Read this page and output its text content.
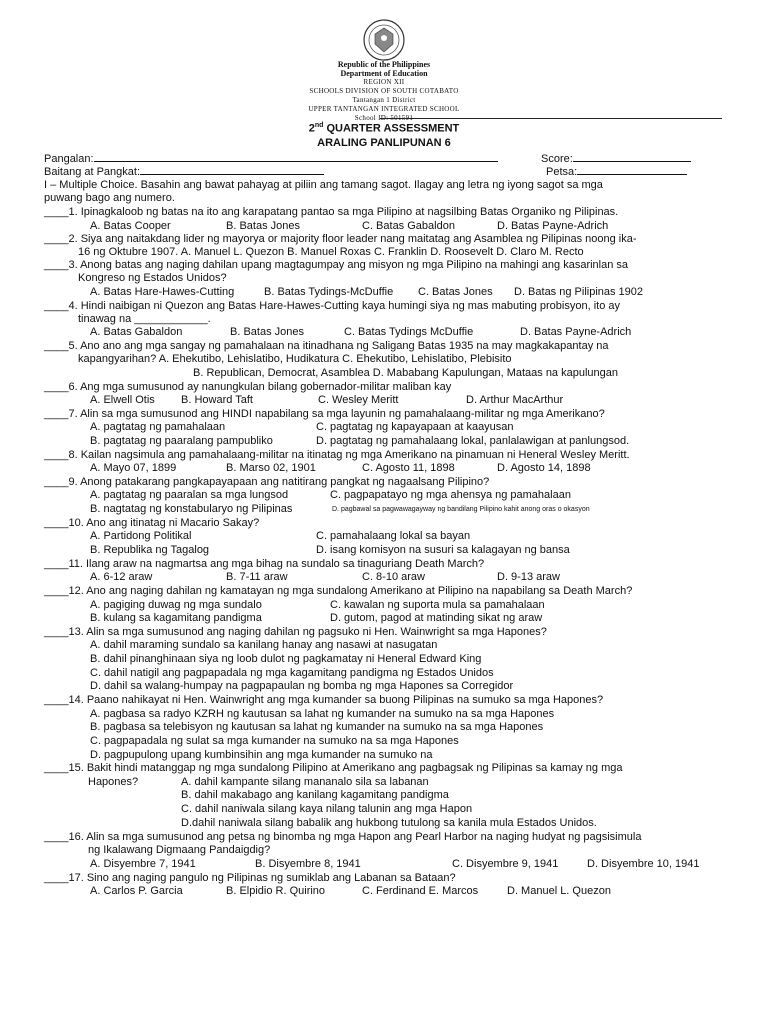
Republic of the Philippines
Department of Education
REGION XII
SCHOOLS DIVISION OF SOUTH COTABATO
Tantangan 1 District
UPPER TANTANGAN INTEGRATED SCHOOL
School ID: 501591
2nd QUARTER ASSESSMENT
ARALING PANLIPUNAN 6
Pangalan:	Score:
Baitang at Pangkat:	Petsa:
I – Multiple Choice. Basahin ang bawat pahayag at piliin ang tamang sagot. Ilagay ang letra ng iyong sagot sa mga
puwang bago ang numero.
____1. Ipinagkaloob ng batas na ito ang karapatang pantao sa mga Pilipino at nagsilbing Batas Organiko ng Pilipinas.
A. Batas Cooper	B. Batas Jones	C. Batas Gabaldon	D. Batas Payne-Adrich
____2. Siya ang naitakdang lider ng mayorya or majority floor leader nang maitatag ang Asamblea ng Pilipinas noong ika-
16 ng Oktubre 1907. A. Manuel L. Quezon B. Manuel Roxas C. Franklin D. Roosevelt D. Claro M. Recto
____3. Anong batas ang naging dahilan upang magtagumpay ang misyon ng mga Pilipino na mahingi ang kasarinlan sa
Kongreso ng Estados Unidos?
A. Batas Hare-Hawes-Cutting	B. Batas Tydings-McDuffie C. Batas Jones D. Batas ng Pilipinas 1902
____4. Hindi naibigan ni Quezon ang Batas Hare-Hawes-Cutting kaya humingi siya ng mas mabuting probisyon, ito ay
tinawag na ____________.
A. Batas Gabaldon	B. Batas Jones	C. Batas Tydings McDuffie	D. Batas Payne-Adrich
____5. Ano ano ang mga sangay ng pamahalaan na itinadhana ng Saligang Batas 1935 na may magkakapantay na
kapangyarihan? A. Ehekutibo, Lehislatibo, Hudikatura C. Ehekutibo, Lehislatibo, Plebisito
B. Republican, Democrat, Asamblea D. Mababang Kapulungan, Mataas na kapulungan
____6. Ang mga sumusunod ay nanungkulan bilang gobernador-militar maliban kay
A. Elwell Otis B. Howard Taft	C. Wesley Meritt	D. Arthur MacArthur
____7. Alin sa mga sumusunod ang HINDI napabilang sa mga layunin ng pamahalaang-militar ng mga Amerikano?
A. pagtatag ng pamahalaan	C. pagtatag ng kapayapaan at kaayusan
B. pagtatag ng paaralang pampubliko	D. pagtatag ng pamahalaang lokal, panlalawigan at panlungsod.
____8. Kailan nagsimula ang pamahalaang-militar na itinatag ng mga Amerikano na pinamuan ni Heneral Wesley Meritt.
A. Mayo 07, 1899	B. Marso 02, 1901	C. Agosto 11, 1898	D. Agosto 14, 1898
____9. Anong patakarang pangkapayapaan ang natitirang pangkat ng nagaalsang Pilipino?
A. pagtatag ng paaralan sa mga lungsod	C. pagpapatayo ng mga ahensya ng pamahalaan
B. nagtatag ng konstabularyo ng Pilipinas	D. pagbawal sa pagwawagayway ng bandilang Pilipino kahit anong oras o okasyon
____10. Ano ang itinatag ni Macario Sakay?
A. Partidong Politikal	C. pamahalaang lokal sa bayan
B. Republika ng Tagalog	D. isang komisyon na susuri sa kalagayan ng bansa
____11. Ilang araw na nagmartsa ang mga bihag na sundalo sa tinaguriang Death March?
A. 6-12 araw	B. 7-11 araw	C. 8-10 araw	D. 9-13 araw
____12. Ano ang naging dahilan ng kamatayan ng mga sundalong Amerikano at Pilipino na napabilang sa Death March?
A. pagiging duwag ng mga sundalo	C. kawalan ng suporta mula sa pamahalaan
B. kulang sa kagamitang pandigma	D. gutom, pagod at matinding sikat ng araw
____13. Alin sa mga sumusunod ang naging dahilan ng pagsuko ni Hen. Wainwright sa mga Hapones?
A. dahil maraming sundalo sa kanilang hanay ang nasawi at nasugatan
B. dahil pinanghinaan siya ng loob dulot ng pagkamatay ni Heneral Edward King
C. dahil natigil ang pagpapadala ng mga kagamitang pandigma ng Estados Unidos
D. dahil sa walang-humpay na pagpapaulan ng bomba ng mga Hapones sa Corregidor
____14. Paano nahikayat ni Hen. Wainwright ang mga kumander sa buong Pilipinas na sumuko sa mga Hapones?
A. pagbasa sa radyo KZRH ng kautusan sa lahat ng kumander na sumuko na sa mga Hapones
B. pagbasa sa telebisyon ng kautusan sa lahat ng kumander na sumuko na sa mga Hapones
C. pagpapadala ng sulat sa mga kumander na sumuko na sa mga Hapones
D. pagpupulong upang kumbinsihin ang mga kumander na sumuko na
____15. Bakit hindi matanggap ng mga sundalong Pilipino at Amerikano ang pagbagsak ng Pilipinas sa kamay ng mga
Hapones?	A. dahil kampante silang mananalo sila sa labanan
B. dahil makabago ang kanilang kagamitang pandigma
C. dahil naniwala silang kaya nilang talunin ang mga Hapon
D.dahil naniwala silang babalik ang hukbong tutulong sa kanila mula Estados Unidos.
____16. Alin sa mga sumusunod ang petsa ng binomba ng mga Hapon ang Pearl Harbor na naging hudyat ng pagsisimula
ng Ikalawang Digmaang Pandaigdig?
A. Disyembre 7, 1941	B. Disyembre 8, 1941	C. Disyembre 9, 1941	D. Disyembre 10, 1941
____17. Sino ang naging pangulo ng Pilipinas ng sumiklab ang Labanan sa Bataan?
A. Carlos P. Garcia	B. Elpidio R. Quirino	C. Ferdinand E. Marcos	D. Manuel L. Quezon
